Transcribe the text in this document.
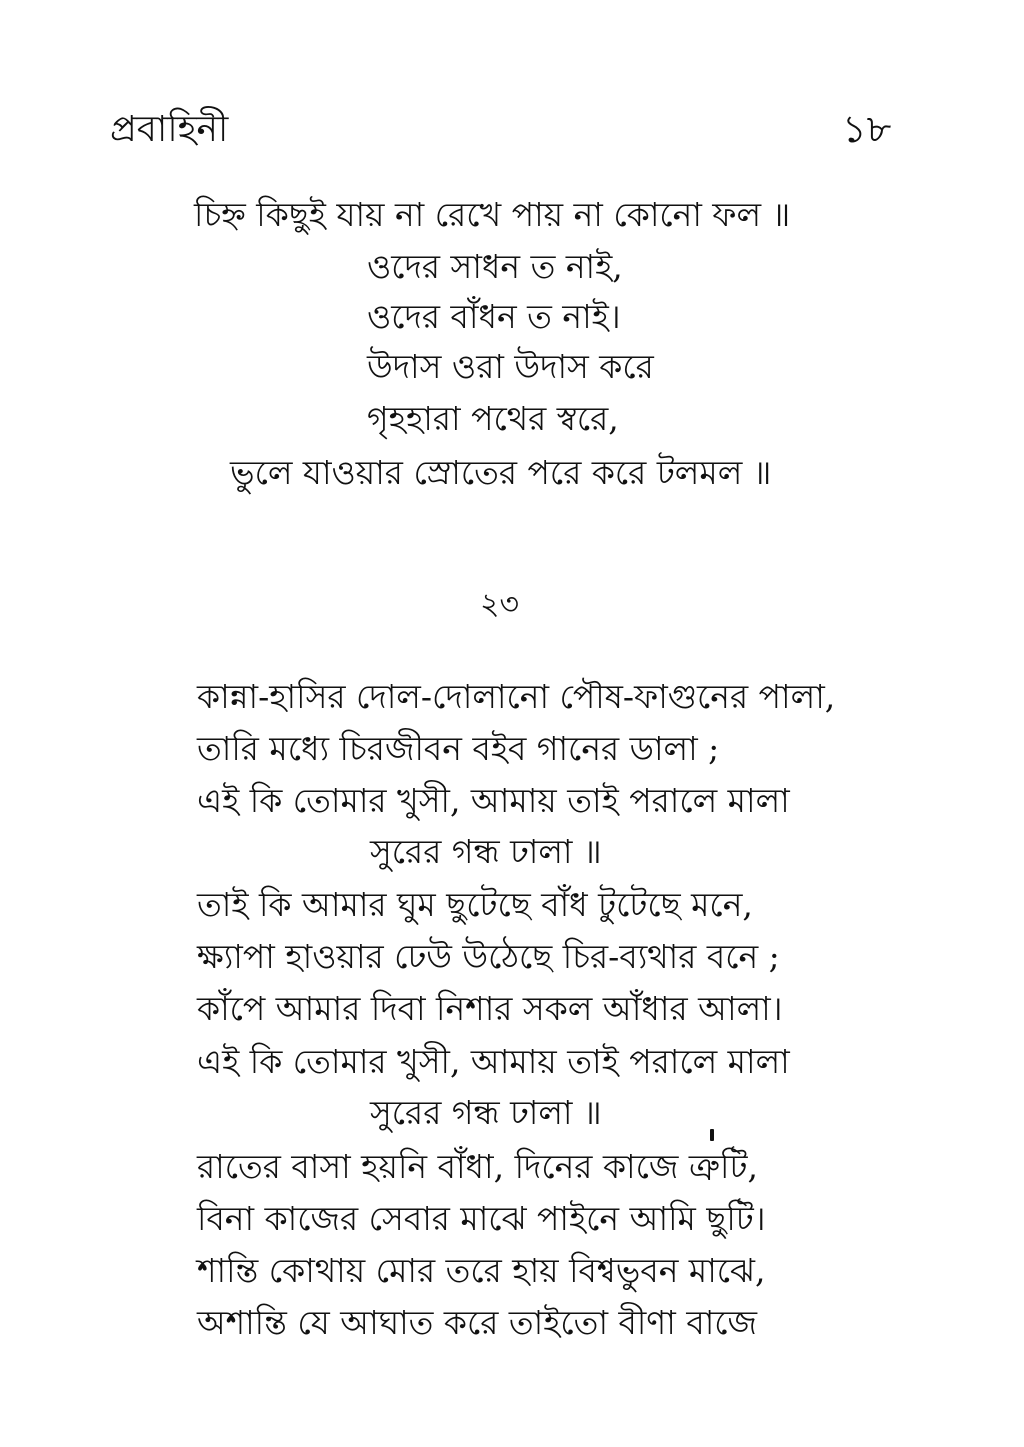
প্রবাহিনী	১৮
চিহ্ন কিছুই যায় না রেখে পায় না কোনো ফল ॥
ওদের সাধন ত নাই,
ওদের বাঁধন ত নাই।
উদাস ওরা উদাস করে
গৃহহারা পথের স্বরে,
ভুলে যাওয়ার স্রোতের পরে করে টলমল ॥
২৩
কান্না-হাসির দোল-দোলানো পৌষ-ফাগুনের পালা,
তারি মধ্যে চিরজীবন বইব গানের ডালা ;
এই কি তোমার খুসী, আমায় তাই পরালে মালা
সুরের গন্ধ ঢালা ॥
তাই কি আমার ঘুম ছুটেছে বাঁধ টুটেছে মনে,
ক্ষ্যাপা হাওয়ার ঢেউ উঠেছে চির-ব্যথার বনে ;
কাঁপে আমার দিবা নিশার সকল আঁধার আলা।
এই কি তোমার খুসী, আমায় তাই পরালে মালা
সুরের গন্ধ ঢালা ॥
রাতের বাসা হয়নি বাঁধা, দিনের কাজে ত্রুটি,
বিনা কাজের সেবার মাঝে পাইনে আমি ছুটি।
শান্তি কোথায় মোর তরে হায় বিশ্বভুবন মাঝে,
অশান্তি যে আঘাত করে তাইতো বীণা বাজে
